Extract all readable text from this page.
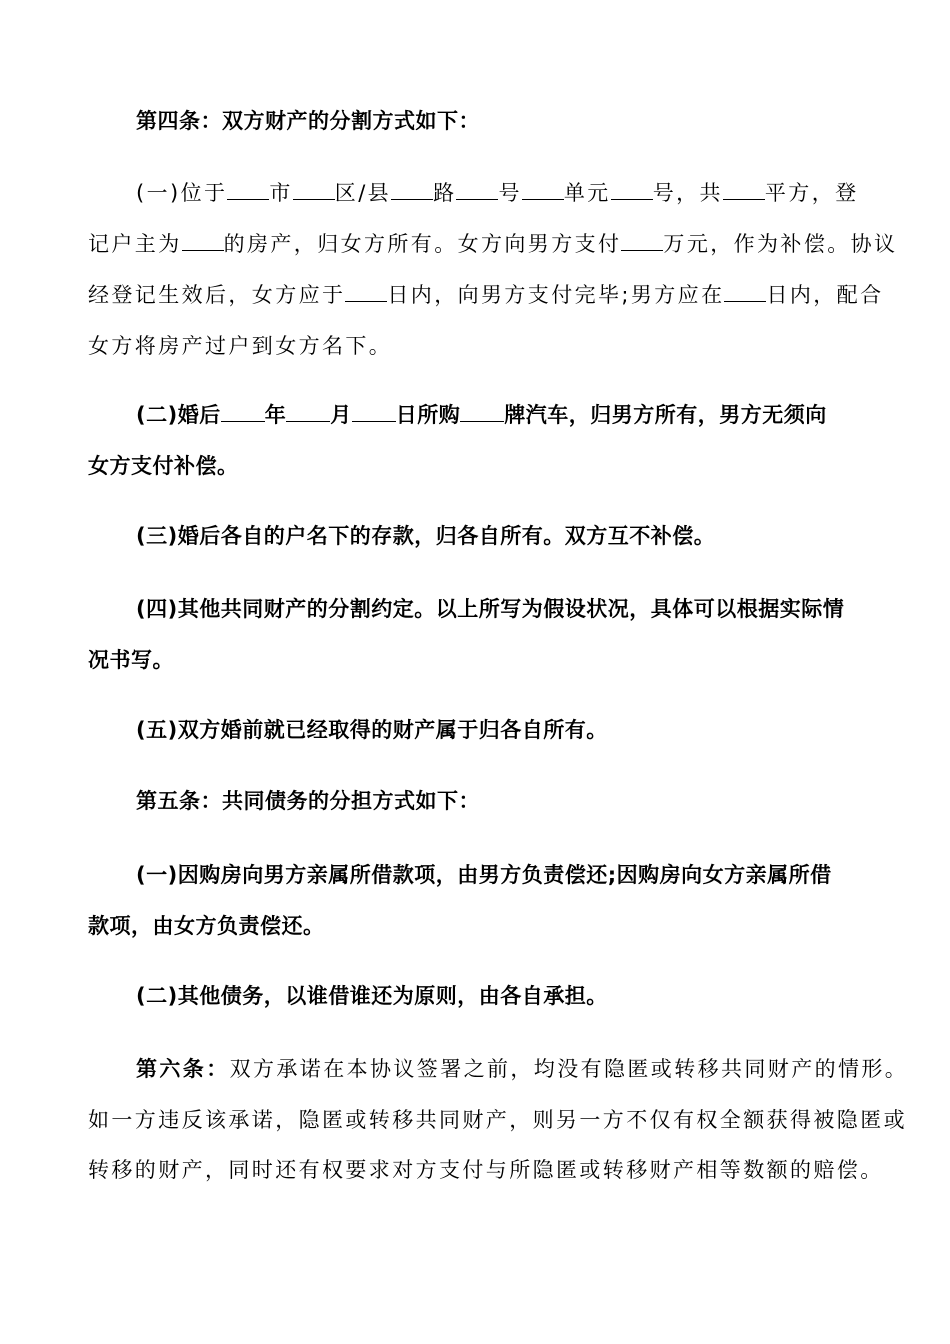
第四条：双方财产的分割方式如下：
(一)位于 市 区/县 路 号 单元 号，共 平方，登
记户主为 的房产，归女方所有。女方向男方支付 万元，作为补偿。协议
经登记生效后，女方应于 日内，向男方支付完毕;男方应在 日内，配合
女方将房产过户到女方名下。
(二)婚后 年 月 日所购 牌汽车，归男方所有，男方无须向
女方支付补偿。
(三)婚后各自的户名下的存款，归各自所有。双方互不补偿。
(四)其他共同财产的分割约定。以上所写为假设状况，具体可以根据实际情
况书写。
(五)双方婚前就已经取得的财产属于归各自所有。
第五条：共同债务的分担方式如下：
(一)因购房向男方亲属所借款项，由男方负责偿还;因购房向女方亲属所借
款项，由女方负责偿还。
(二)其他债务，以谁借谁还为原则，由各自承担。
第六条：双方承诺在本协议签署之前，均没有隐匿或转移共同财产的情形。
如一方违反该承诺，隐匿或转移共同财产，则另一方不仅有权全额获得被隐匿或
转移的财产，同时还有权要求对方支付与所隐匿或转移财产相等数额的赔偿。
